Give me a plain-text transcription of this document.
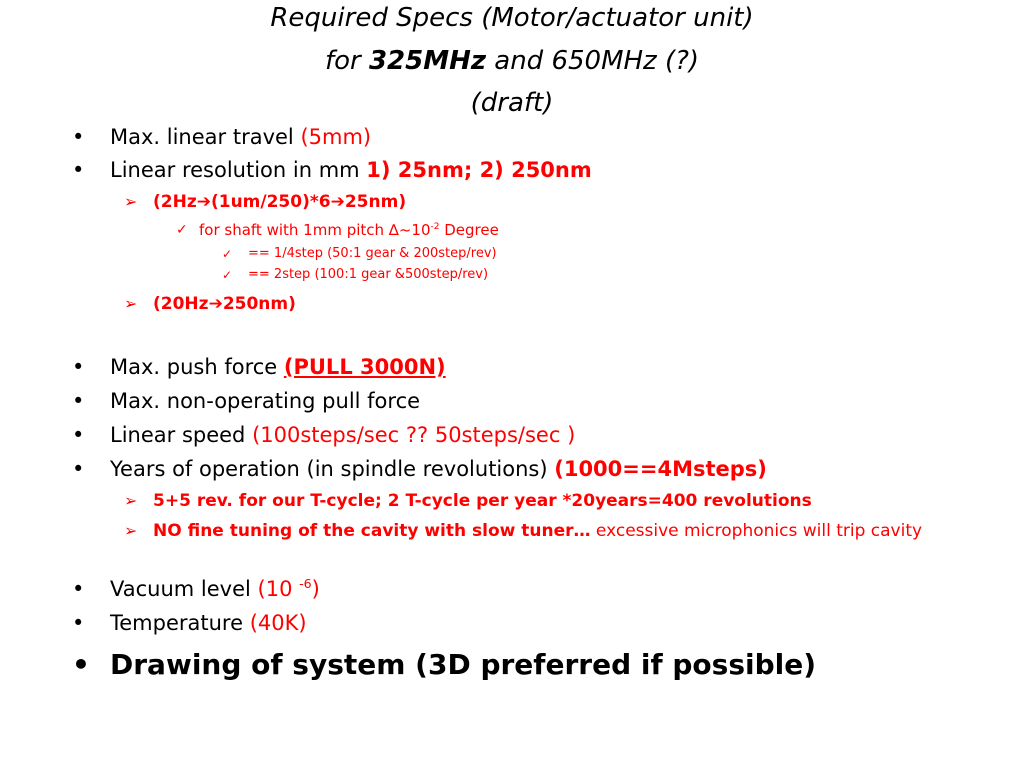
Required Specs (Motor/actuator unit)
for 325MHz and 650MHz (?)
(draft)
• Max. linear travel (5mm)
• Linear resolution in mm 1) 25nm; 2) 250nm
➢ (2Hz➔(1um/250)*6➔25nm)
✓ for shaft with 1mm pitch $\Delta\sim 10^{-2}$ Degree
✓ == 1/4step (50:1 gear & 200step/rev)
✓ == 2step (100:1 gear &500step/rev)
➢ (20Hz➔250nm)
• Max. push force (PULL 3000N)
• Max. non-operating pull force
• Linear speed (100steps/sec ?? 50steps/sec )
• Years of operation (in spindle revolutions) (1000==4Msteps)
➢ 5+5 rev. for our T-cycle; 2 T-cycle per year *20years=400 revolutions
➢ NO fine tuning of the cavity with slow tuner… excessive microphonics will trip cavity
• Vacuum level (10 $^{-6}$)
• Temperature (40K)
• Drawing of system (3D preferred if possible)
